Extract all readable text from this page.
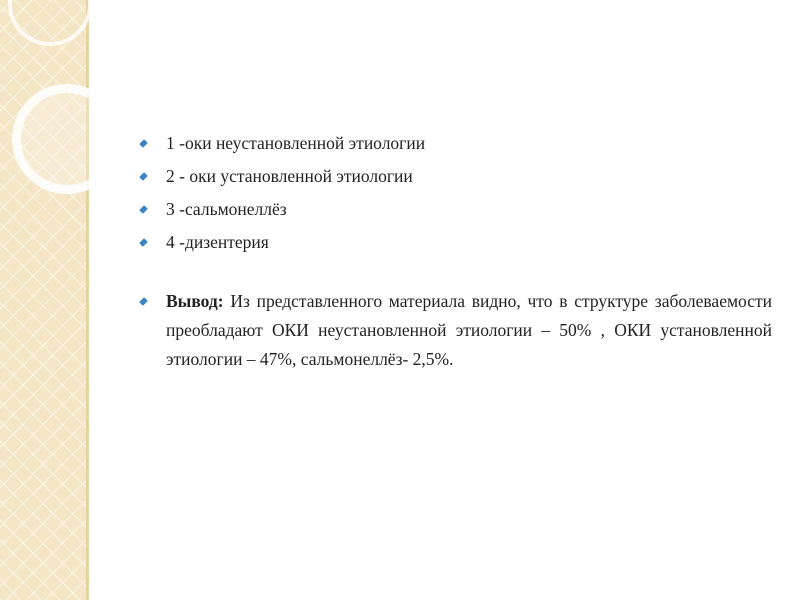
1 -оки неустановленной этиологии
2 - оки установленной этиологии
3 -сальмонеллёз
4 -дизентерия
Вывод: Из представленного материала видно, что в структуре заболеваемости преобладают ОКИ неустановленной этиологии – 50% , ОКИ установленной этиологии – 47%, сальмонеллёз- 2,5%.
